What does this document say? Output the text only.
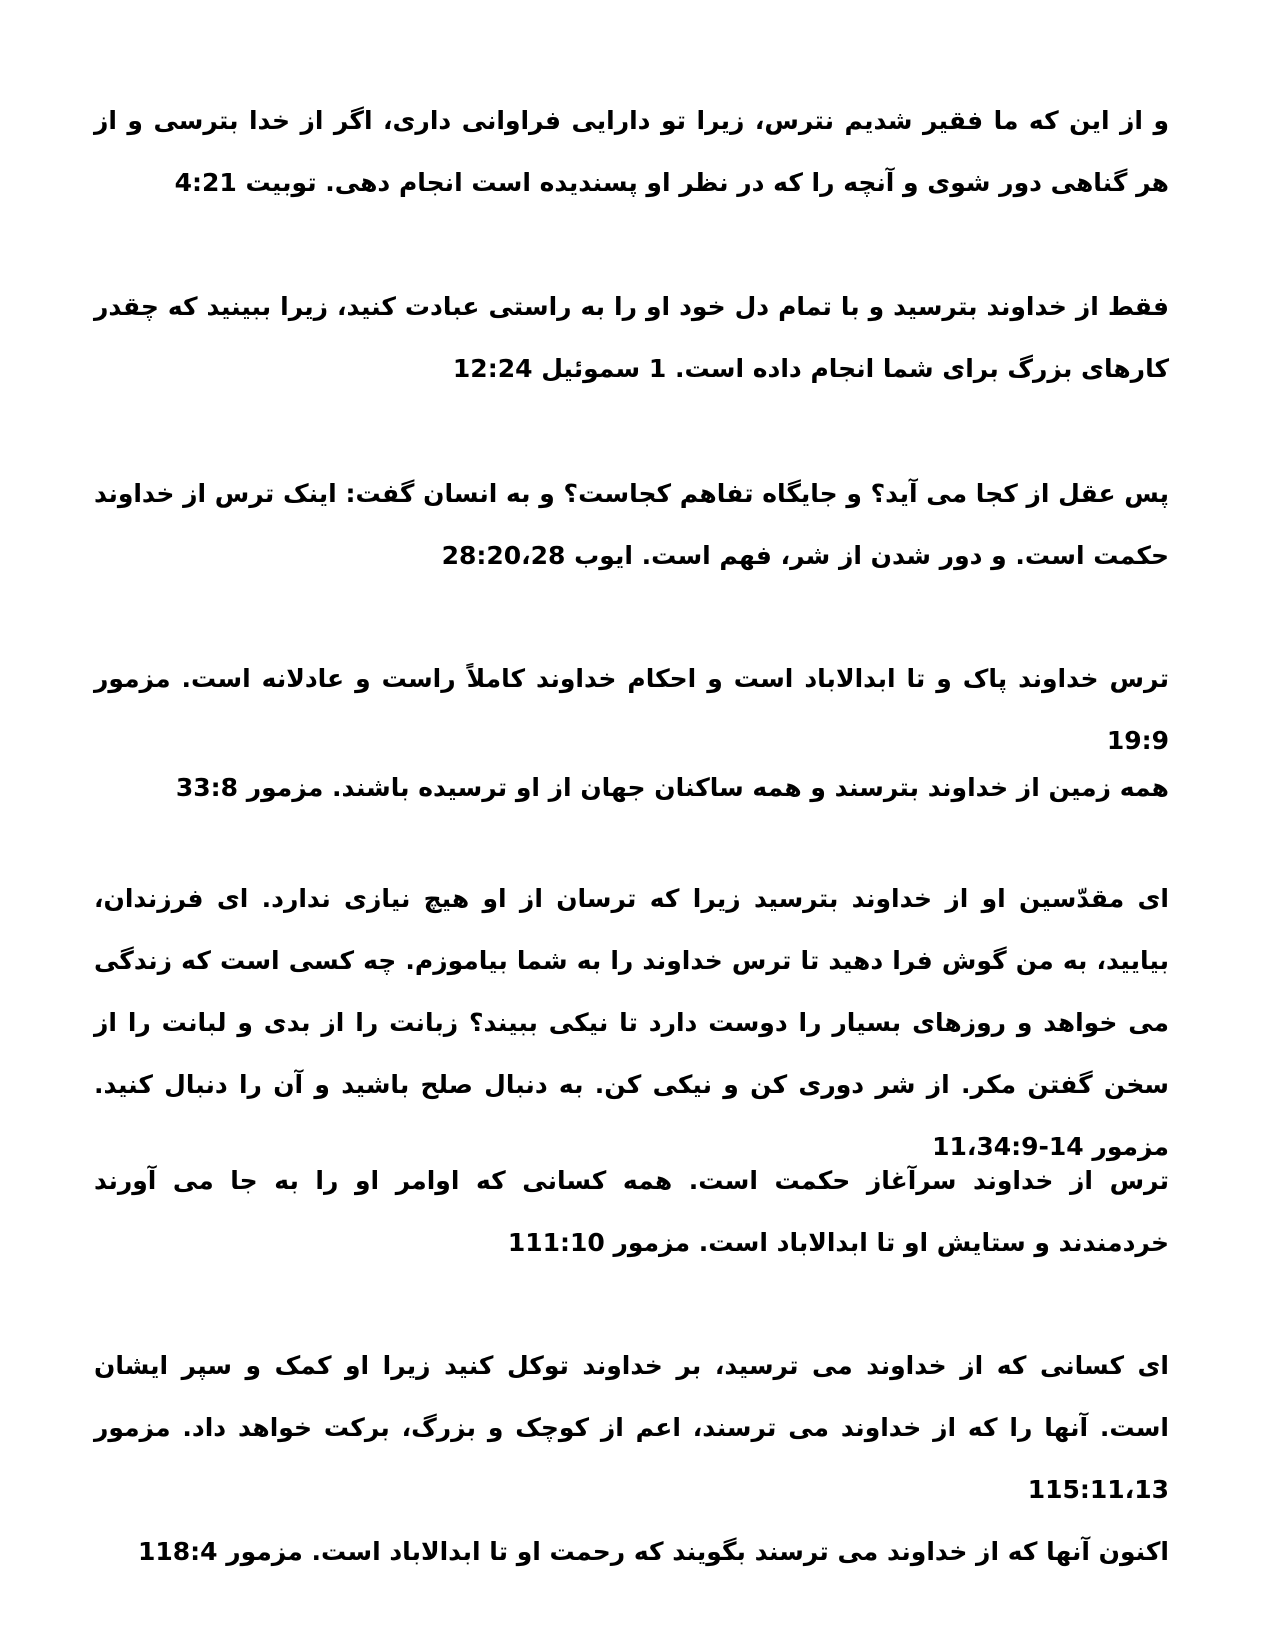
و از این که ما فقیر شدیم نترس، زیرا تو دارایی فراوانی داری، اگر از خدا بترسی و از هر گناهی دور شوی و آنچه را که در نظر او پسندیده است انجام دهی. توبیت 4:21

فقط از خداوند بترسید و با تمام دل خود او را به راستی عبادت کنید، زیرا ببینید که چقدر کارهای بزرگ برای شما انجام داده است. 1 سموئیل 12:24

پس عقل از کجا می آید؟ و جایگاه تفاهم کجاست؟ و به انسان گفت: اینک ترس از خداوند حکمت است. و دور شدن از شر، فهم است. ایوب 28:20،28

ترس خداوند پاک و تا ابدالاباد است و احکام خداوند کاملاً راست و عادلانه است. مزمور 19:9

همه زمین از خداوند بترسند و همه ساکنان جهان از او ترسیده باشند. مزمور 33:8

ای مقدّسین او از خداوند بترسید زیرا که ترسان از او هیچ نیازی ندارد. ای فرزندان، بیایید، به من گوش فرا دهید تا ترس خداوند را به شما بیاموزم. چه کسی است که زندگی می خواهد و روزهای بسیار را دوست دارد تا نیکی ببیند؟ زبانت را از بدی و لبانت را از سخن گفتن مکر. از شر دوری کن و نیکی کن. به دنبال صلح باشید و آن را دنبال کنید. مزمور 11،34:9-14

ترس از خداوند سرآغاز حکمت است. همه کسانی که اوامر او را به جا می آورند خردمندند و ستایش او تا ابدالاباد است. مزمور 111:10

ای کسانی که از خداوند می ترسید، بر خداوند توکل کنید زیرا او کمک و سپر ایشان است. آنها را که از خداوند می ترسند، اعم از کوچک و بزرگ، برکت خواهد داد. مزمور 115:11،13
اکنون آنها که از خداوند می ترسند بگویند که رحمت او تا ابدالاباد است. مزمور 118:4
